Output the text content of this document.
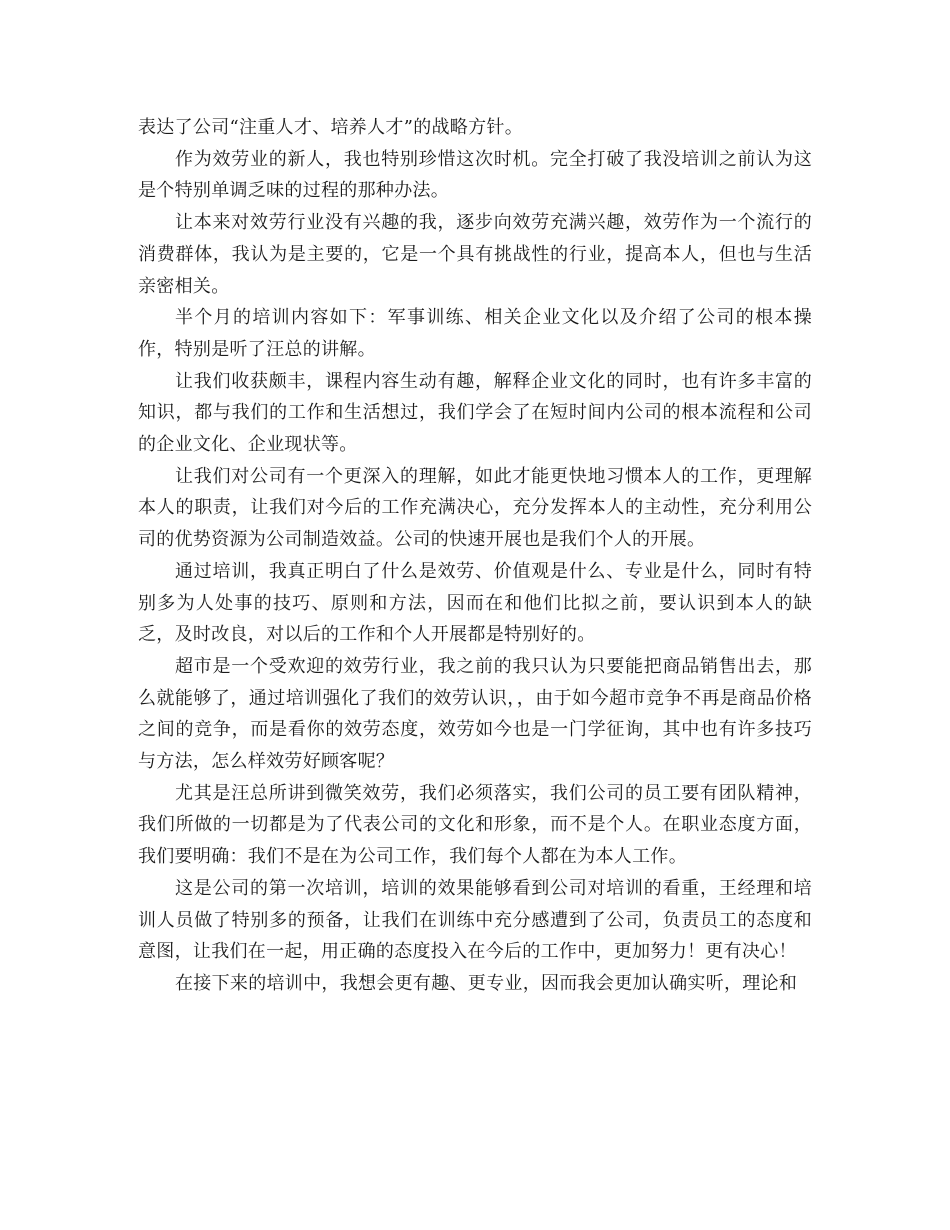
表达了公司“注重人才、培养人才”的战略方针。

作为效劳业的新人，我也特别珍惜这次时机。完全打破了我没培训之前认为这是个特别单调乏味的过程的那种办法。

让本来对效劳行业没有兴趣的我，逐步向效劳充满兴趣，效劳作为一个流行的消费群体，我认为是主要的，它是一个具有挑战性的行业，提高本人，但也与生活亲密相关。

半个月的培训内容如下：军事训练、相关企业文化以及介绍了公司的根本操作，特别是听了汪总的讲解。

让我们收获颇丰，课程内容生动有趣，解释企业文化的同时，也有许多丰富的知识，都与我们的工作和生活想过，我们学会了在短时间内公司的根本流程和公司的企业文化、企业现状等。

让我们对公司有一个更深入的理解，如此才能更快地习惯本人的工作，更理解本人的职责，让我们对今后的工作充满决心，充分发挥本人的主动性，充分利用公司的优势资源为公司制造效益。公司的快速开展也是我们个人的开展。

通过培训，我真正明白了什么是效劳、价值观是什么、专业是什么，同时有特别多为人处事的技巧、原则和方法，因而在和他们比拟之前，要认识到本人的缺乏，及时改良，对以后的工作和个人开展都是特别好的。

超市是一个受欢迎的效劳行业，我之前的我只认为只要能把商品销售出去，那么就能够了，通过培训强化了我们的效劳认识，，由于如今超市竞争不再是商品价格之间的竞争，而是看你的效劳态度，效劳如今也是一门学征询，其中也有许多技巧与方法，怎么样效劳好顾客呢？

尤其是汪总所讲到微笑效劳，我们必须落实，我们公司的员工要有团队精神，我们所做的一切都是为了代表公司的文化和形象，而不是个人。在职业态度方面，我们要明确：我们不是在为公司工作，我们每个人都在为本人工作。

这是公司的第一次培训，培训的效果能够看到公司对培训的看重，王经理和培训人员做了特别多的预备，让我们在训练中充分感遭到了公司，负责员工的态度和意图，让我们在一起，用正确的态度投入在今后的工作中，更加努力！更有决心！

在接下来的培训中，我想会更有趣、更专业，因而我会更加认确实听，理论和
